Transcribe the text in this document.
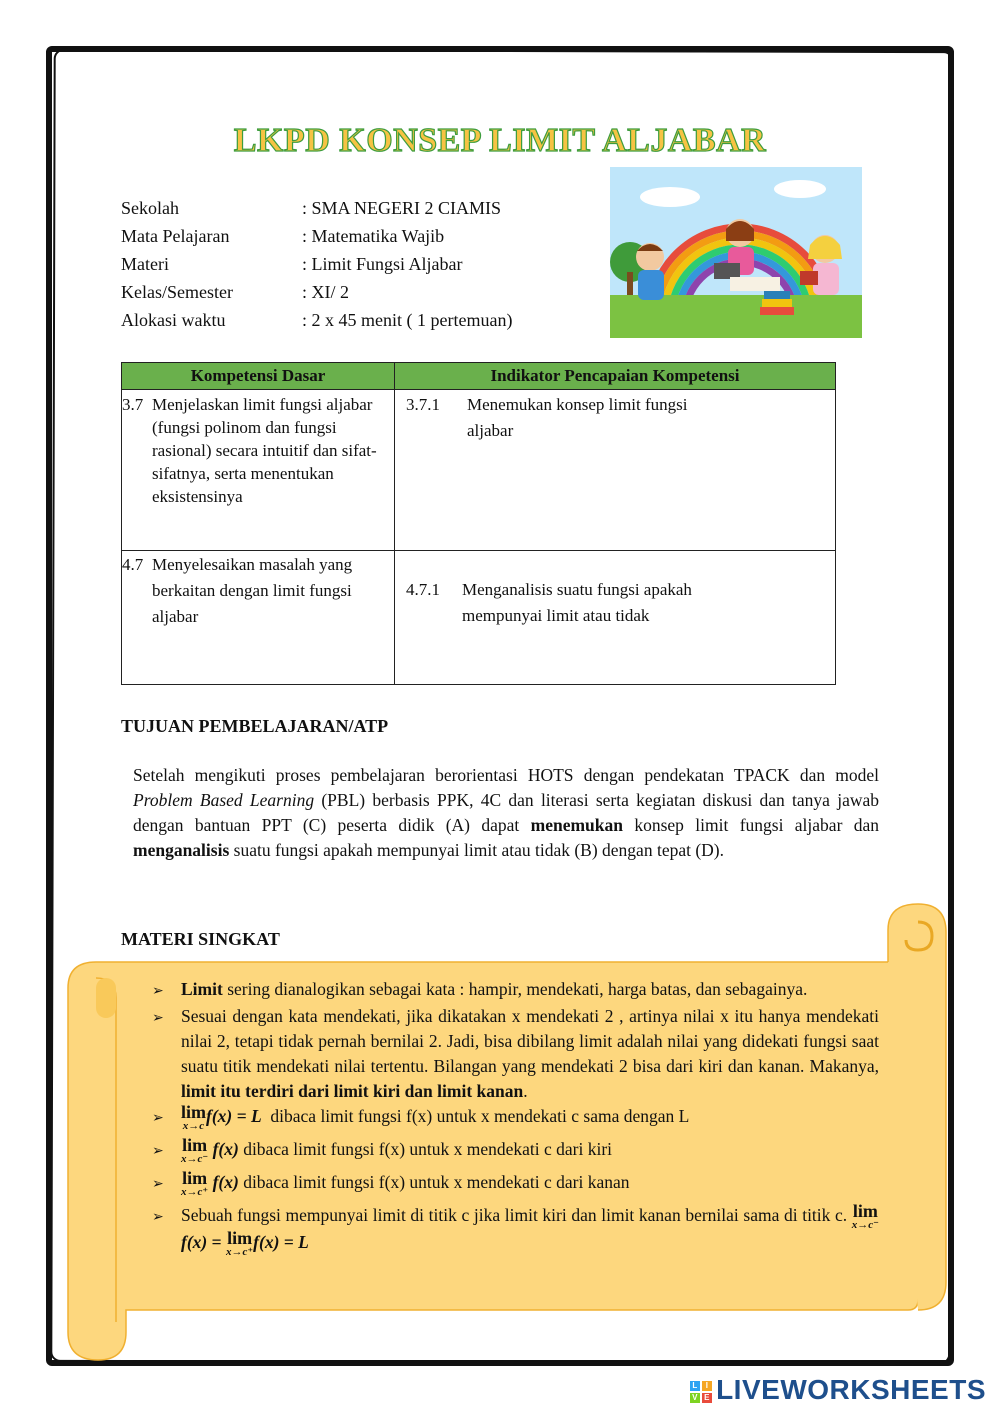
LKPD KONSEP LIMIT ALJABAR
Sekolah	: SMA NEGERI 2 CIAMIS
Mata Pelajaran	: Matematika Wajib
Materi	: Limit Fungsi Aljabar
Kelas/Semester	: XI/ 2
Alokasi waktu	: 2 x 45 menit ( 1 pertemuan)
Kompetensi Dasar	Indikator Pencapaian Kompetensi

3.7 Menjelaskan limit fungsi aljabar (fungsi polinom dan fungsi rasional) secara intuitif dan sifat-sifatnya, serta menentukan eksistensinya	3.7.1 Menemukan konsep limit fungsi aljabar

4.7 Menyelesaikan masalah yang berkaitan dengan limit fungsi aljabar	4.7.1 Menganalisis suatu fungsi apakah mempunyai limit atau tidak
TUJUAN PEMBELAJARAN/ATP
Setelah mengikuti proses pembelajaran berorientasi HOTS dengan pendekatan TPACK dan model Problem Based Learning (PBL) berbasis PPK, 4C dan literasi serta kegiatan diskusi dan tanya jawab dengan bantuan PPT (C) peserta didik (A) dapat menemukan konsep limit fungsi aljabar dan menganalisis suatu fungsi apakah mempunyai limit atau tidak (B) dengan tepat (D).
MATERI SINGKAT
➢ Limit sering dianalogikan sebagai kata : hampir, mendekati, harga batas, dan sebagainya.
➢ Sesuai dengan kata mendekati, jika dikatakan x mendekati 2 , artinya nilai x itu hanya mendekati nilai 2, tetapi tidak pernah bernilai 2. Jadi, bisa dibilang limit adalah nilai yang didekati fungsi saat suatu titik mendekati nilai tertentu. Bilangan yang mendekati 2 bisa dari kiri dan kanan. Makanya, limit itu terdiri dari limit kiri dan limit kanan.
➢ lim
x→c f(x) = L dibaca limit fungsi f(x) untuk x mendekati c sama dengan L
➢	lim
x→c⁻ f(x) dibaca limit fungsi f(x) untuk x mendekati c dari kiri
➢	lim
x→c⁺ f(x) dibaca limit fungsi f(x) untuk x mendekati c dari kanan
➢ Sebuah fungsi mempunyai limit di titik c jika limit kiri dan limit kanan bernilai sama di titik c. lim
x→c⁻
f(x) = lim
x→c⁺ f(x) = L
L I
V E LIVEWORKSHEETS
